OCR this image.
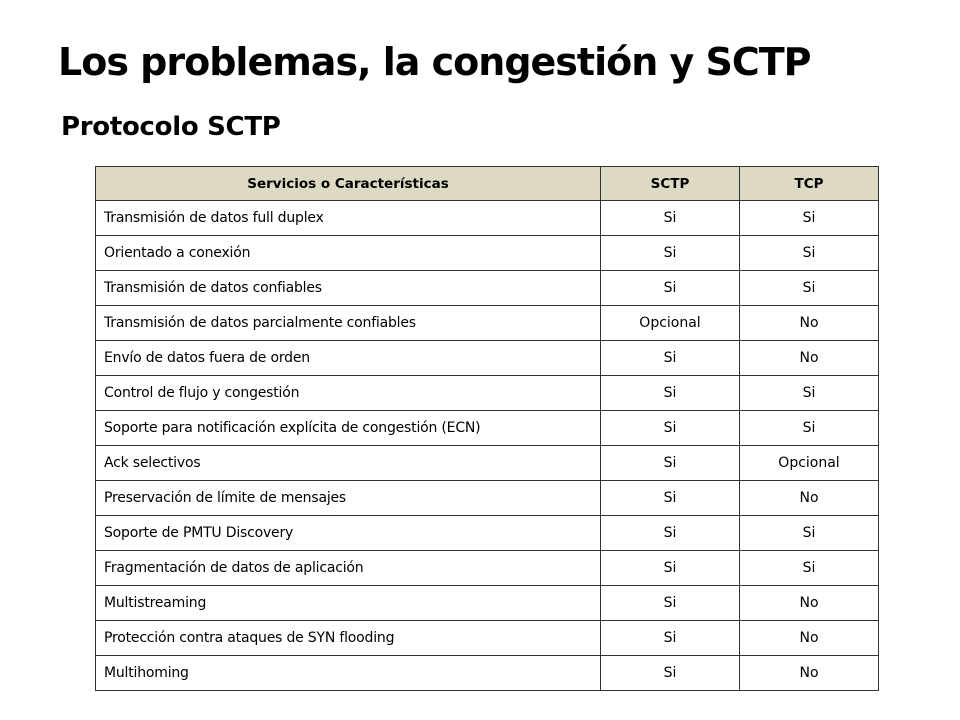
Los problemas, la congestión y SCTP
Protocolo SCTP
Servicios o Características	SCTP	TCP
Transmisión de datos full duplex	Si	Si
Orientado a conexión	Si	Si
Transmisión de datos confiables	Si	Si
Transmisión de datos parcialmente confiables	Opcional	No
Envío de datos fuera de orden	Si	No
Control de flujo y congestión	Si	Si
Soporte para notificación explícita de congestión (ECN)	Si	Si
Ack selectivos	Si	Opcional
Preservación de límite de mensajes	Si	No
Soporte de PMTU Discovery	Si	Si
Fragmentación de datos de aplicación	Si	Si
Multistreaming	Si	No
Protección contra ataques de SYN flooding	Si	No
Multihoming	Si	No
